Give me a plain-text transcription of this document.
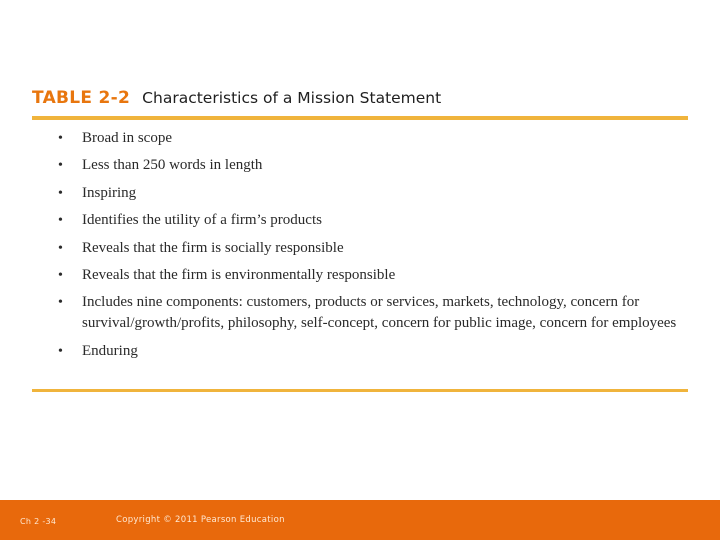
TABLE 2-2 Characteristics of a Mission Statement
• Broad in scope
• Less than 250 words in length
• Inspiring
• Identifies the utility of a firm’s products
• Reveals that the firm is socially responsible
• Reveals that the firm is environmentally responsible
• Includes nine components: customers, products or services, markets, technology, concern for survival/growth/profits, philosophy, self-concept, concern for public image, concern for employees
• Enduring
Ch 2 -34	Copyright © 2011 Pearson Education
